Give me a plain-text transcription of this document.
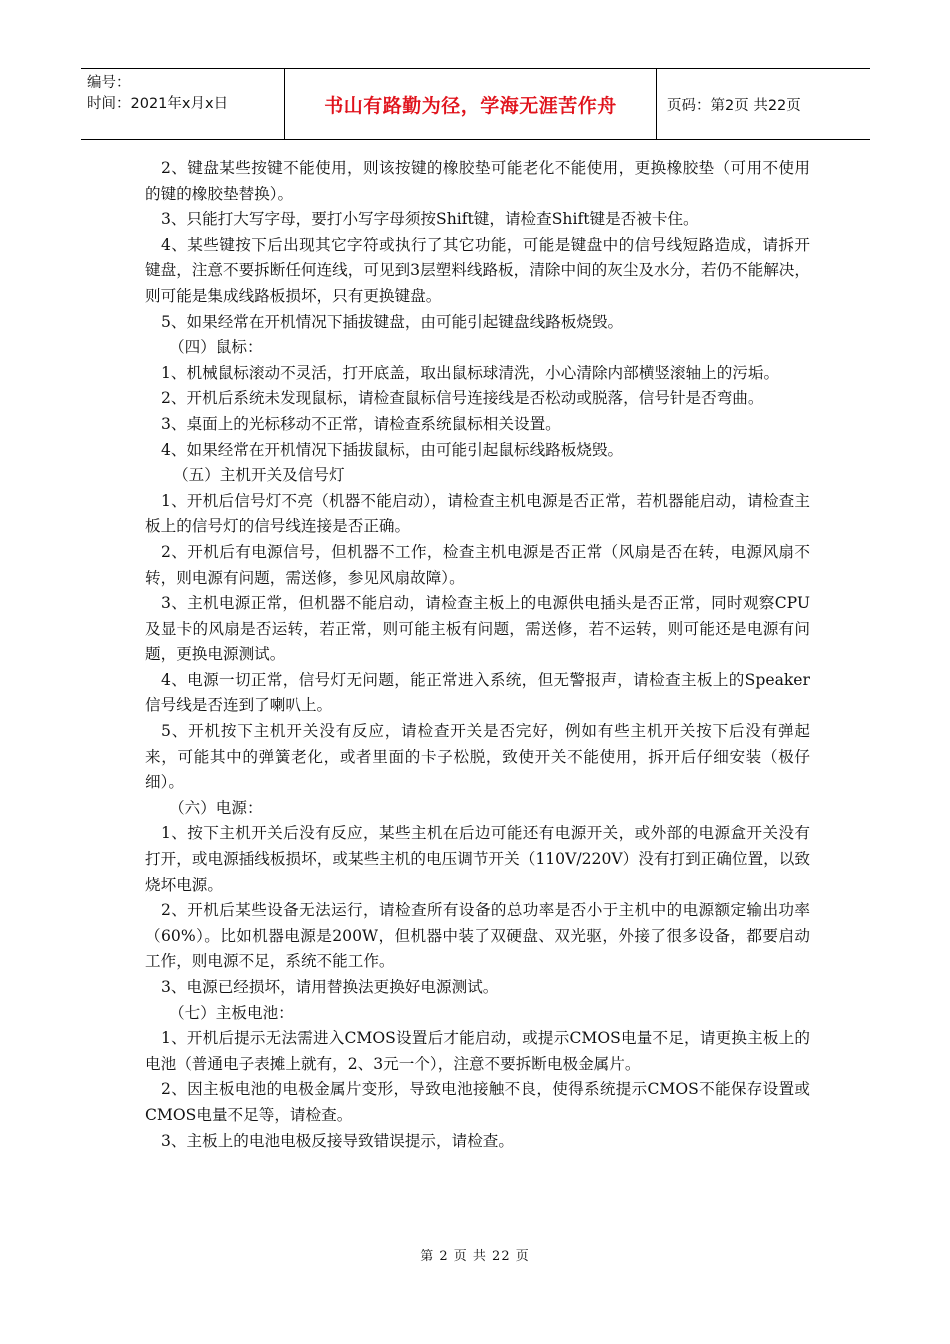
编号：
时间：2021年x月x日	书山有路勤为径，学海无涯苦作舟	页码：第2页 共22页

2、键盘某些按键不能使用，则该按键的橡胶垫可能老化不能使用，更换橡胶垫（可用不使用的键的橡胶垫替换）。

3、只能打大写字母，要打小写字母须按Shift键，请检查Shift键是否被卡住。

4、某些键按下后出现其它字符或执行了其它功能，可能是键盘中的信号线短路造成，请拆开键盘，注意不要拆断任何连线，可见到3层塑料线路板，清除中间的灰尘及水分，若仍不能解决，则可能是集成线路板损坏，只有更换键盘。

5、如果经常在开机情况下插拔键盘，由可能引起键盘线路板烧毁。

（四）鼠标：

1、机械鼠标滚动不灵活，打开底盖，取出鼠标球清洗，小心清除内部横竖滚轴上的污垢。

2、开机后系统未发现鼠标，请检查鼠标信号连接线是否松动或脱落，信号针是否弯曲。

3、桌面上的光标移动不正常，请检查系统鼠标相关设置。

4、如果经常在开机情况下插拔鼠标，由可能引起鼠标线路板烧毁。

（五）主机开关及信号灯

1、开机后信号灯不亮（机器不能启动），请检查主机电源是否正常，若机器能启动，请检查主板上的信号灯的信号线连接是否正确。

2、开机后有电源信号，但机器不工作，检查主机电源是否正常（风扇是否在转，电源风扇不转，则电源有问题，需送修，参见风扇故障）。

3、主机电源正常，但机器不能启动，请检查主板上的电源供电插头是否正常，同时观察CPU及显卡的风扇是否运转，若正常，则可能主板有问题，需送修，若不运转，则可能还是电源有问题，更换电源测试。

4、电源一切正常，信号灯无问题，能正常进入系统，但无警报声，请检查主板上的Speaker信号线是否连到了喇叭上。

5、开机按下主机开关没有反应，请检查开关是否完好，例如有些主机开关按下后没有弹起来，可能其中的弹簧老化，或者里面的卡子松脱，致使开关不能使用，拆开后仔细安装（极仔细）。

（六）电源：

1、按下主机开关后没有反应，某些主机在后边可能还有电源开关，或外部的电源盒开关没有打开，或电源插线板损坏，或某些主机的电压调节开关（110V/220V）没有打到正确位置，以致烧坏电源。

2、开机后某些设备无法运行，请检查所有设备的总功率是否小于主机中的电源额定输出功率（60%）。比如机器电源是200W，但机器中装了双硬盘、双光驱，外接了很多设备，都要启动工作，则电源不足，系统不能工作。

3、电源已经损坏，请用替换法更换好电源测试。

（七）主板电池：

1、开机后提示无法需进入CMOS设置后才能启动，或提示CMOS电量不足，请更换主板上的电池（普通电子表摊上就有，2、3元一个），注意不要拆断电极金属片。

2、因主板电池的电极金属片变形，导致电池接触不良，使得系统提示CMOS不能保存设置或CMOS电量不足等，请检查。

3、主板上的电池电极反接导致错误提示，请检查。

第 2 页 共 22 页
